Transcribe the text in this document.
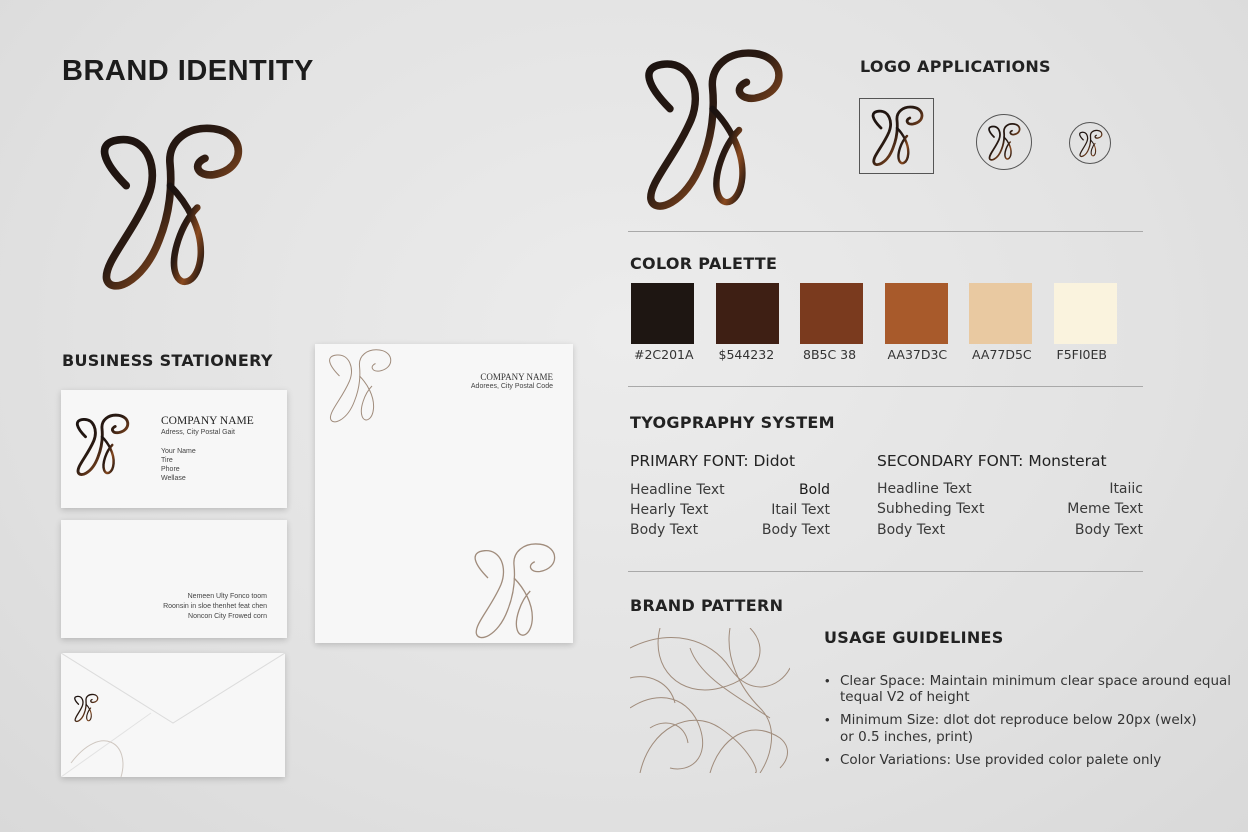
BRAND IDENTITY
BUSINESS STATIONERY
COMPANY NAME
Adress, City Postal Gait
Your Name
Tire
Phore
Wellase
Nemeen Ulty Fonco toom
Roonsin in sloe thenhet feat chen
Noncon City Frowed corn
COMPANY NAME
Adorees, City Postal Code
LOGO APPLICATIONS
COLOR PALETTE
#2C201A $544232 8B5C 38	AA37D3C AA77D5C F5FI0EB
TYOGPRAPHY SYSTEM
PRIMARY FONT: Didot	SECONDARY FONT: Monsterat
Headline Text	Bold
Hearly Text	Itail Text
Body Text	Body Text
Headline Text	Itaiic
Subheding Text	Meme Text
Body Text	Body Text
BRAND PATTERN
USAGE GUIDELINES
• Clear Space: Maintain minimum clear space around equal
tequal V2 of height
• Minimum Size: dlot dot reproduce below 20px (welx)
or 0.5 inches, print)
• Color Variations: Use provided color palete only
